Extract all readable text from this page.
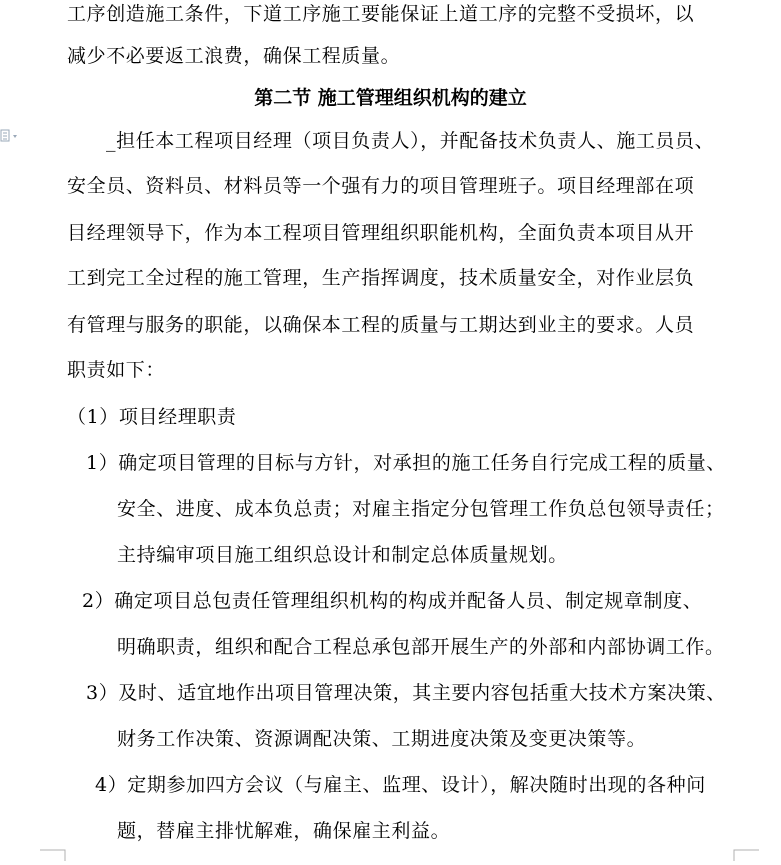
工序创造施工条件，下道工序施工要能保证上道工序的完整不受损坏，以
减少不必要返工浪费，确保工程质量。
第二节 施工管理组织机构的建立
_担任本工程项目经理（项目负责人），并配备技术负责人、施工员员、
安全员、资料员、材料员等一个强有力的项目管理班子。项目经理部在项
目经理领导下，作为本工程项目管理组织职能机构，全面负责本项目从开
工到完工全过程的施工管理，生产指挥调度，技术质量安全，对作业层负
有管理与服务的职能，以确保本工程的质量与工期达到业主的要求。人员
职责如下：
（1）项目经理职责
1）确定项目管理的目标与方针，对承担的施工任务自行完成工程的质量、
安全、进度、成本负总责；对雇主指定分包管理工作负总包领导责任；
主持编审项目施工组织总设计和制定总体质量规划。
2）确定项目总包责任管理组织机构的构成并配备人员、制定规章制度、
明确职责，组织和配合工程总承包部开展生产的外部和内部协调工作。
3）及时、适宜地作出项目管理决策，其主要内容包括重大技术方案决策、
财务工作决策、资源调配决策、工期进度决策及变更决策等。
4）定期参加四方会议（与雇主、监理、设计），解决随时出现的各种问
题，替雇主排忧解难，确保雇主利益。
